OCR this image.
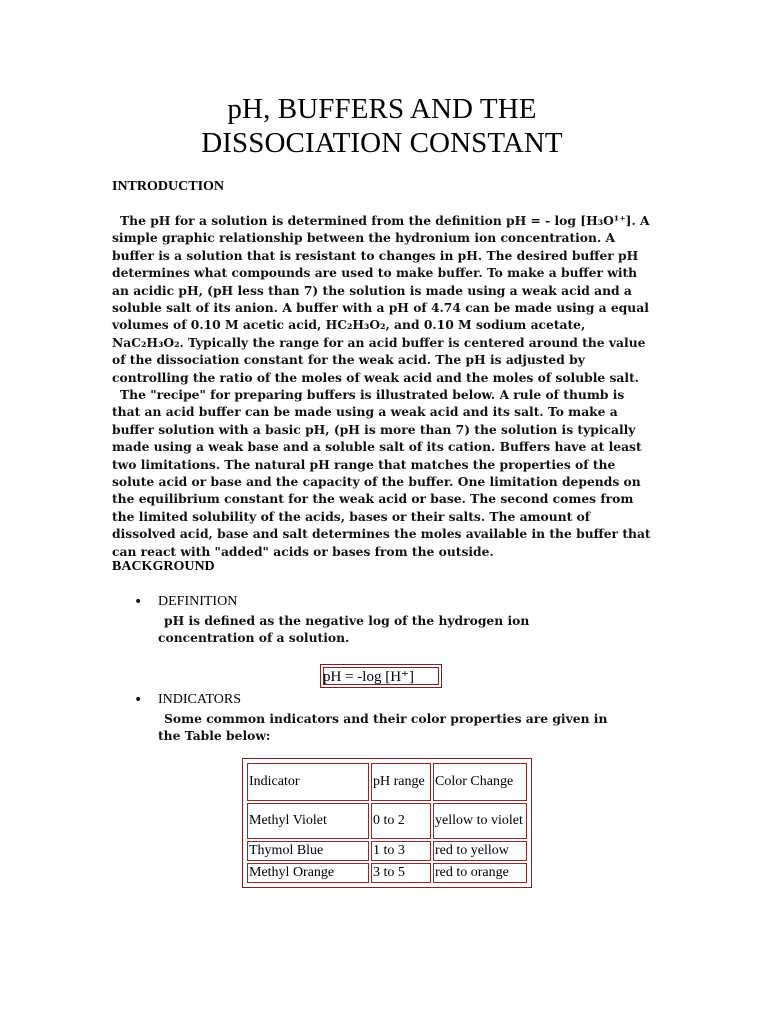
pH, BUFFERS AND THE
DISSOCIATION CONSTANT
INTRODUCTION

The pH for a solution is determined from the definition pH = - log [H₃O¹⁺]. A simple graphic relationship between the hydronium ion concentration. A buffer is a solution that is resistant to changes in pH. The desired buffer pH determines what compounds are used to make buffer. To make a buffer with an acidic pH, (pH less than 7) the solution is made using a weak acid and a soluble salt of its anion. A buffer with a pH of 4.74 can be made using a equal volumes of 0.10 M acetic acid, HC₂H₃O₂, and 0.10 M sodium acetate, NaC₂H₃O₂. Typically the range for an acid buffer is centered around the value of the dissociation constant for the weak acid. The pH is adjusted by controlling the ratio of the moles of weak acid and the moles of soluble salt.

The "recipe" for preparing buffers is illustrated below. A rule of thumb is that an acid buffer can be made using a weak acid and its salt. To make a buffer solution with a basic pH, (pH is more than 7) the solution is typically made using a weak base and a soluble salt of its cation. Buffers have at least two limitations. The natural pH range that matches the properties of the solute acid or base and the capacity of the buffer. One limitation depends on the equilibrium constant for the weak acid or base. The second comes from the limited solubility of the acids, bases or their salts. The amount of dissolved acid, base and salt determines the moles available in the buffer that can react with "added" acids or bases from the outside.

BACKGROUND
• DEFINITION
pH is defined as the negative log of the hydrogen ion concentration of a solution.
pH = -log [H⁺]
• INDICATORS
Some common indicators and their color properties are given in the Table below:
Indicator	pH range	Color Change
Methyl Violet	0 to 2	yellow to violet
Thymol Blue	1 to 3	red to yellow
Methyl Orange	3 to 5	red to orange
